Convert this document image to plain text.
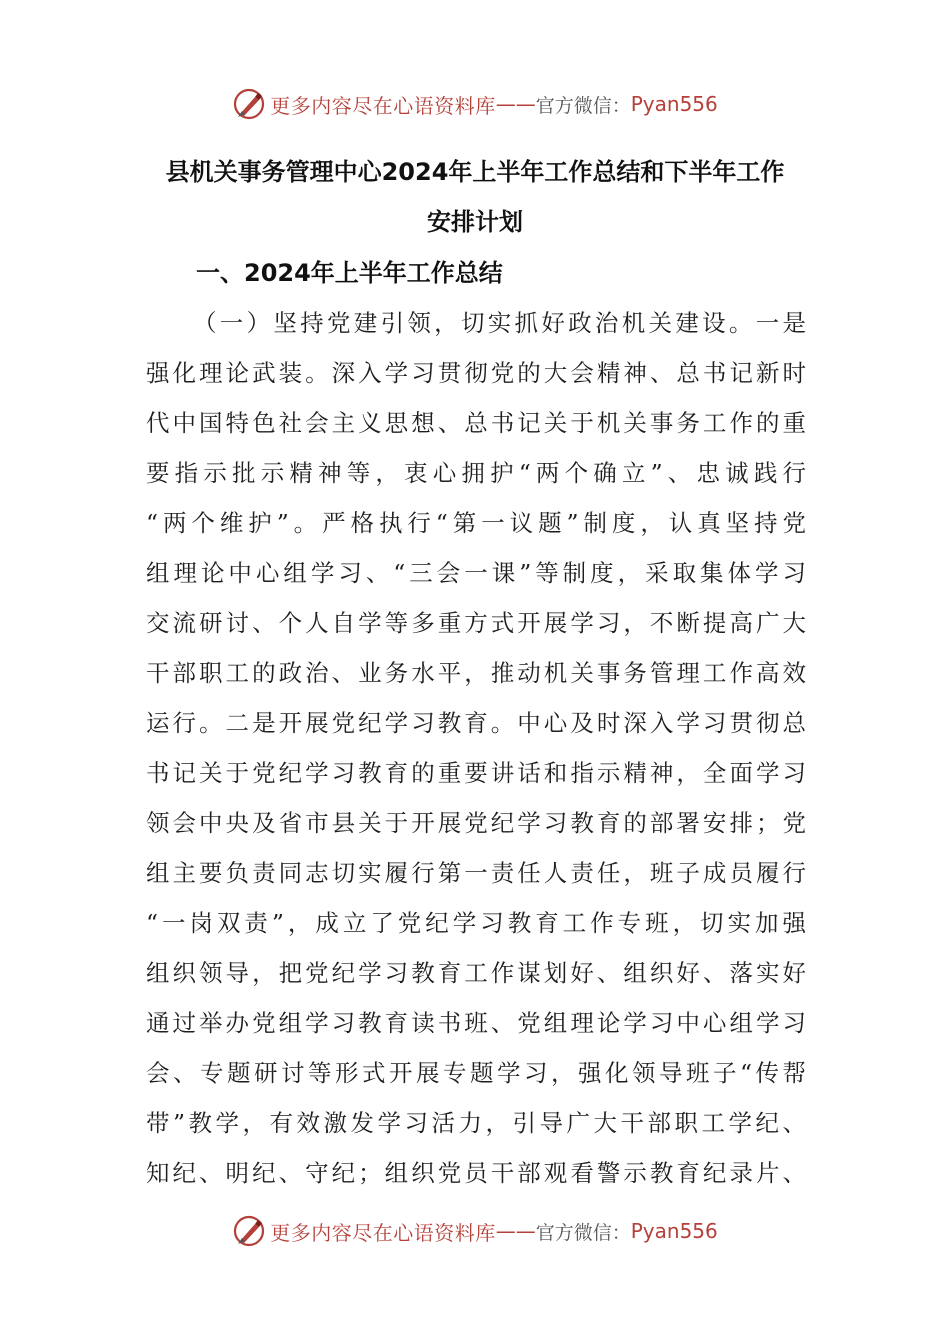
更多内容尽在心语资料库 —— 官方微信： Pyan556
县机关事务管理中心2024年上半年工作总结和下半年工作
安排计划
一、2024年上半年工作总结
（一）坚持党建引领，切实抓好政治机关建设。一是
强化理论武装。深入学习贯彻党的大会精神、总书记新时
代中国特色社会主义思想、总书记关于机关事务工作的重
要指示批示精神等，衷心拥护“两个确立”、忠诚践行
“两个维护”。严格执行“第一议题”制度，认真坚持党
组理论中心组学习、“三会一课”等制度，采取集体学习
交流研讨、个人自学等多重方式开展学习，不断提高广大
干部职工的政治、业务水平，推动机关事务管理工作高效
运行。二是开展党纪学习教育。中心及时深入学习贯彻总
书记关于党纪学习教育的重要讲话和指示精神，全面学习
领会中央及省市县关于开展党纪学习教育的部署安排；党
组主要负责同志切实履行第一责任人责任，班子成员履行
“一岗双责”，成立了党纪学习教育工作专班，切实加强
组织领导，把党纪学习教育工作谋划好、组织好、落实好
通过举办党组学习教育读书班、党组理论学习中心组学习
会、专题研讨等形式开展专题学习，强化领导班子“传帮
带”教学，有效激发学习活力，引导广大干部职工学纪、
知纪、明纪、守纪；组织党员干部观看警示教育纪录片、
更多内容尽在心语资料库 —— 官方微信： Pyan556
